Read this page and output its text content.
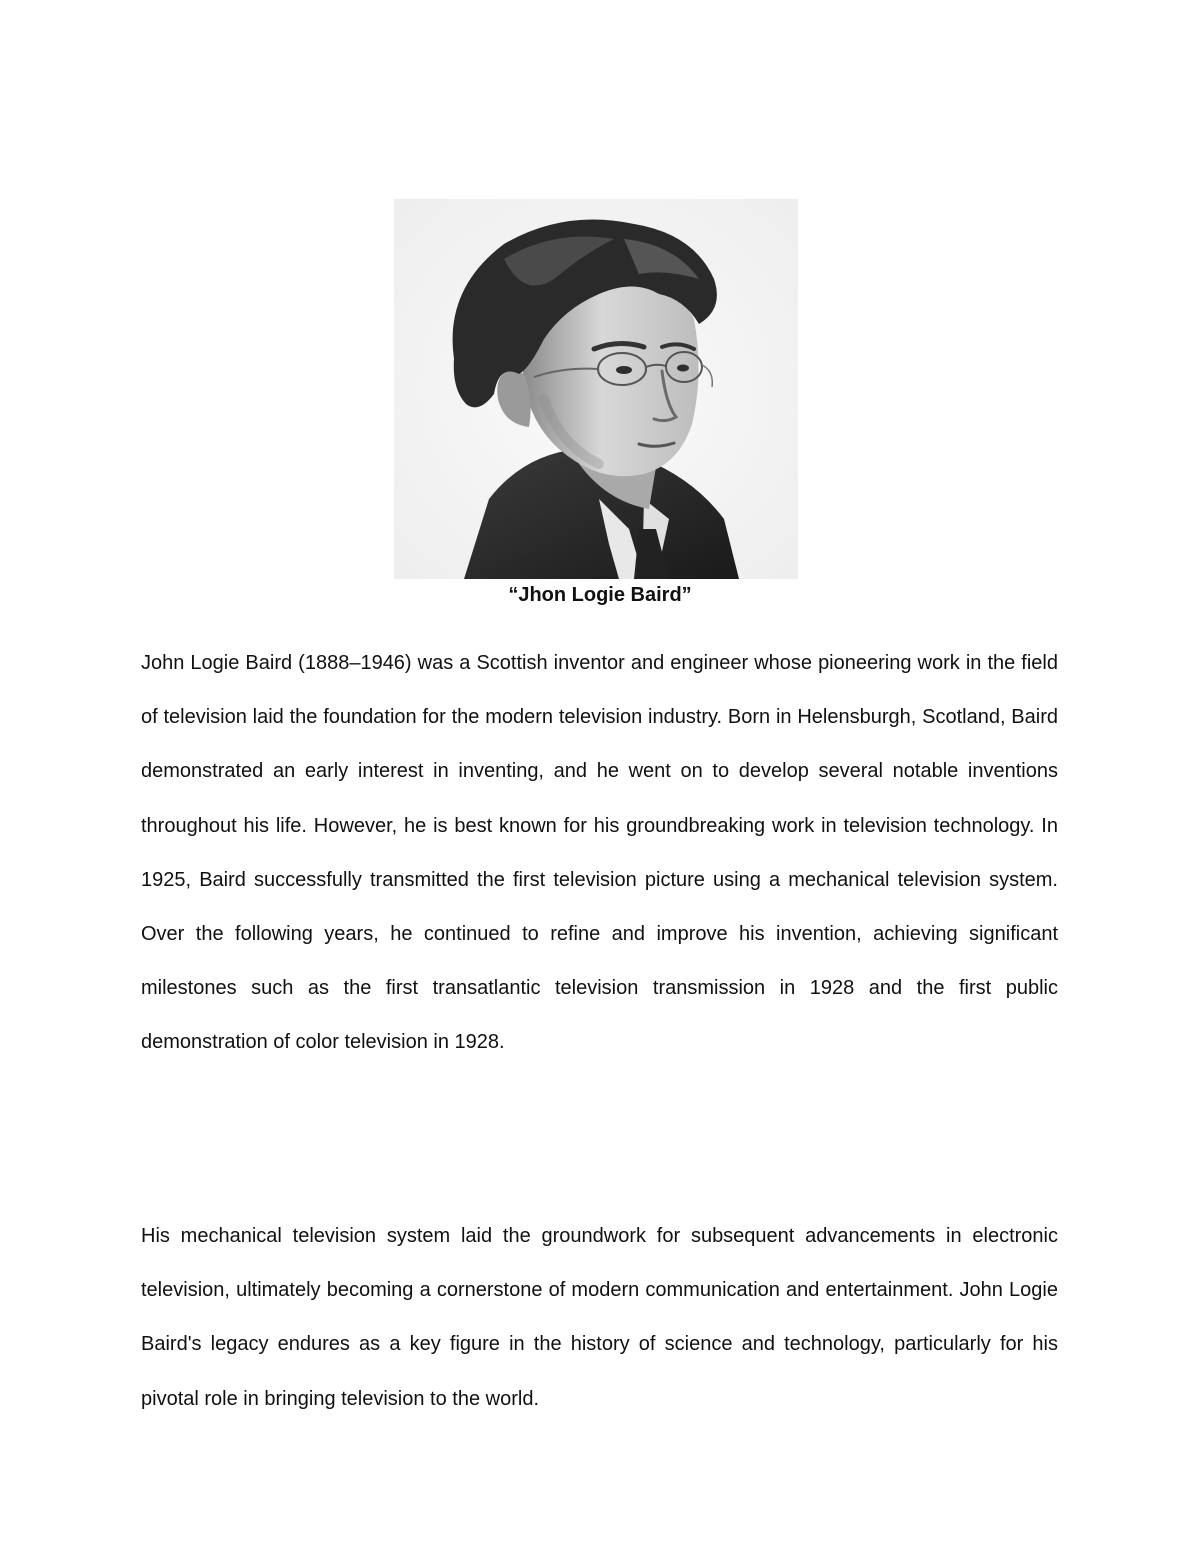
“Jhon Logie Baird”

John Logie Baird (1888–1946) was a Scottish inventor and engineer whose pioneering work in the field of television laid the foundation for the modern television industry. Born in Helensburgh, Scotland, Baird demonstrated an early interest in inventing, and he went on to develop several notable inventions throughout his life. However, he is best known for his groundbreaking work in television technology. In 1925, Baird successfully transmitted the first television picture using a mechanical television system. Over the following years, he continued to refine and improve his invention, achieving significant milestones such as the first transatlantic television transmission in 1928 and the first public demonstration of color television in 1928.

His mechanical television system laid the groundwork for subsequent advancements in electronic television, ultimately becoming a cornerstone of modern communication and entertainment. John Logie Baird's legacy endures as a key figure in the history of science and technology, particularly for his pivotal role in bringing television to the world.
